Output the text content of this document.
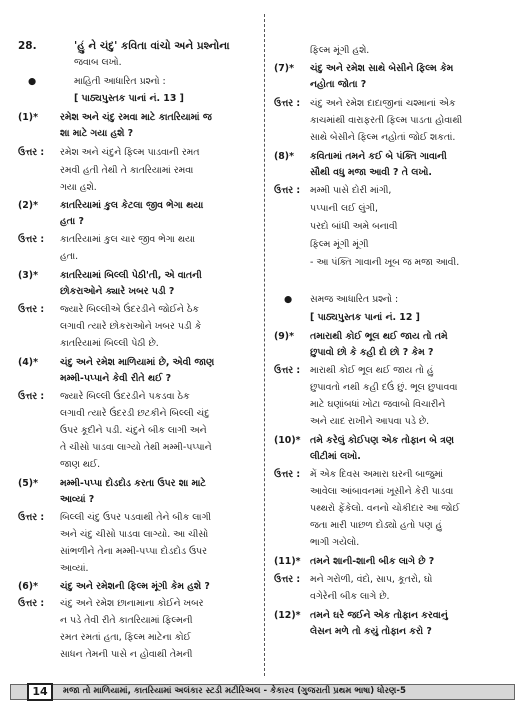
28.	'હું ને ચંદુ' કવિતા વાંચો અને પ્રશ્નોના
જવાબ લખો.
●	માહિતી આધારિત પ્રશ્નો :
[ પાઠ્યપુસ્તક પાનાં નં. 13 ]
(1)* રમેશ અને ચંદુ રમવા માટે કાતરિયામાં જ
શા માટે ગયા હશે ?
ઉત્તર : રમેશ અને ચંદુને ફિલ્મ પાડવાની રમત
રમવી હતી તેથી તે કાતરિયામાં રમવા
ગયા હશે.
(2)* કાતરિયામાં કુલ કેટલા જીવ ભેગા થયા
હતા ?
ઉત્તર : કાતરિયામાં કુલ ચાર જીવ ભેગા થયા
હતા.
(3)* કાતરિયામાં બિલ્લી પેઠી'તી, એ વાતની
છોકરાઓને ક્યારે ખબર પડી ?
ઉત્તર : જ્યારે બિલ્લીએ ઉંદરડીને જોઈને ઠેક
લગાવી ત્યારે છોકરાઓને ખબર પડી કે
કાતરિયામાં બિલ્લી પેઠી છે.
(4)* ચંદુ અને રમેશ માળિયામાં છે, એવી જાણ
મમ્મી-પપ્પાને કેવી રીતે થઈ ?
ઉત્તર : જ્યારે બિલ્લી ઉંદરડીને પકડવા ઠેક
લગાવી ત્યારે ઉંદરડી છટકીને બિલ્લી ચંદુ
ઉપર કૂદીને પડી. ચંદુને બીક લાગી અને
તે ચીસો પાડવા લાગ્યો તેથી મમ્મી-પપ્પાને
જાણ થઈ.
(5)* મમ્મી-પપ્પા દોડદોડ કરતા ઉપર શા માટે
આવ્યાં ?
ઉત્તર : બિલ્લી ચંદુ ઉપર પડવાથી તેને બીક લાગી
અને ચંદુ ચીસો પાડવા લાગ્યો. આ ચીસો
સાંભળીને તેના મમ્મી-પપ્પા દોડદોડ ઉપર
આવ્યાં.
(6)* ચંદુ અને રમેશની ફિલ્મ મૂંગી કેમ હશે ?
ઉત્તર : ચંદુ અને રમેશ છાનામાના કોઈને ખબર
ન પડે તેવી રીતે કાતરિયામાં ફિલ્મની
રમત રમતાં હતા, ફિલ્મ માટેના કોઈ
સાધન તેમની પાસે ન હોવાથી તેમની
ફિલ્મ મૂંગી હશે.
(7)* ચંદુ અને રમેશ સાથે બેસીને ફિલ્મ કેમ
નહોતા જોતા ?
ઉત્તર : ચંદુ અને રમેશ દાદાજીનાં ચશ્માનાં એક
કાચમાંથી વારાફરતી ફિલ્મ પાડતા હોવાથી
સાથે બેસીને ફિલ્મ નહોતાં જોઈ શકતાં.
(8)* કવિતામાં તમને કઈ બે પંક્તિ ગાવાની
સૌથી વધુ મજા આવી ? તે લખો.
ઉત્તર : મમ્મી પાસે દોરી માંગી,
પપ્પાની લઈ લુંગી,
પરદો બાંધી અમે બનાવી
ફિલ્મ મૂંગી મૂંગી
- આ પંક્તિ ગાવાની ખૂબ જ મજા આવી.
● સમજ આધારિત પ્રશ્નો :
[ પાઠ્યપુસ્તક પાનાં નં. 12 ]
(9)* તમારાથી કોઈ ભૂલ થઈ જાય તો તમે
છુપાવો છો કે કહી દો છો ? કેમ ?
ઉત્તર : મારાથી કોઈ ભૂલ થઈ જાય તો હું
છુપાવતો નથી કહી દઉં છું. ભૂલ છુપાવવા
માટે ઘણાંબધાં ખોટા જવાબો વિચારીને
અને યાદ રાખીને આપવા પડે છે.
(10)* તમે કરેલું કોઈપણ એક તોફાન બે ત્રણ
લીટીમાં લખો.
ઉત્તર : મેં એક દિવસ અમારા ઘરની બાજુમાં
આવેલા આંબાવનમાં ખૂસીને કેરી પાડવા
પથ્થરો ફેંકેલો. વનનો ચોકીદાર આ જોઈ
જતા મારી પાછળ દોડ્યો હતો પણ હું
ભાગી ગયેલો.
(11)* તમને શાની-શાની બીક લાગે છે ?
ઉત્તર : મને ગરોળી, વંદો, સાપ, કૂતરો, ઘો
વગેરેની બીક લાગે છે.
(12)* તમને ઘરે જઈને એક તોફાન કરવાનું
લેસન મળે તો કયું તોફાન કરો ?
14	મજા તો માળિયામાં, કાતરિયામાં અલંકાર સ્ટડી મટીરિઅલ - કેકારવ (ગુજરાતી પ્રથમ ભાષા) ધોરણ-5
